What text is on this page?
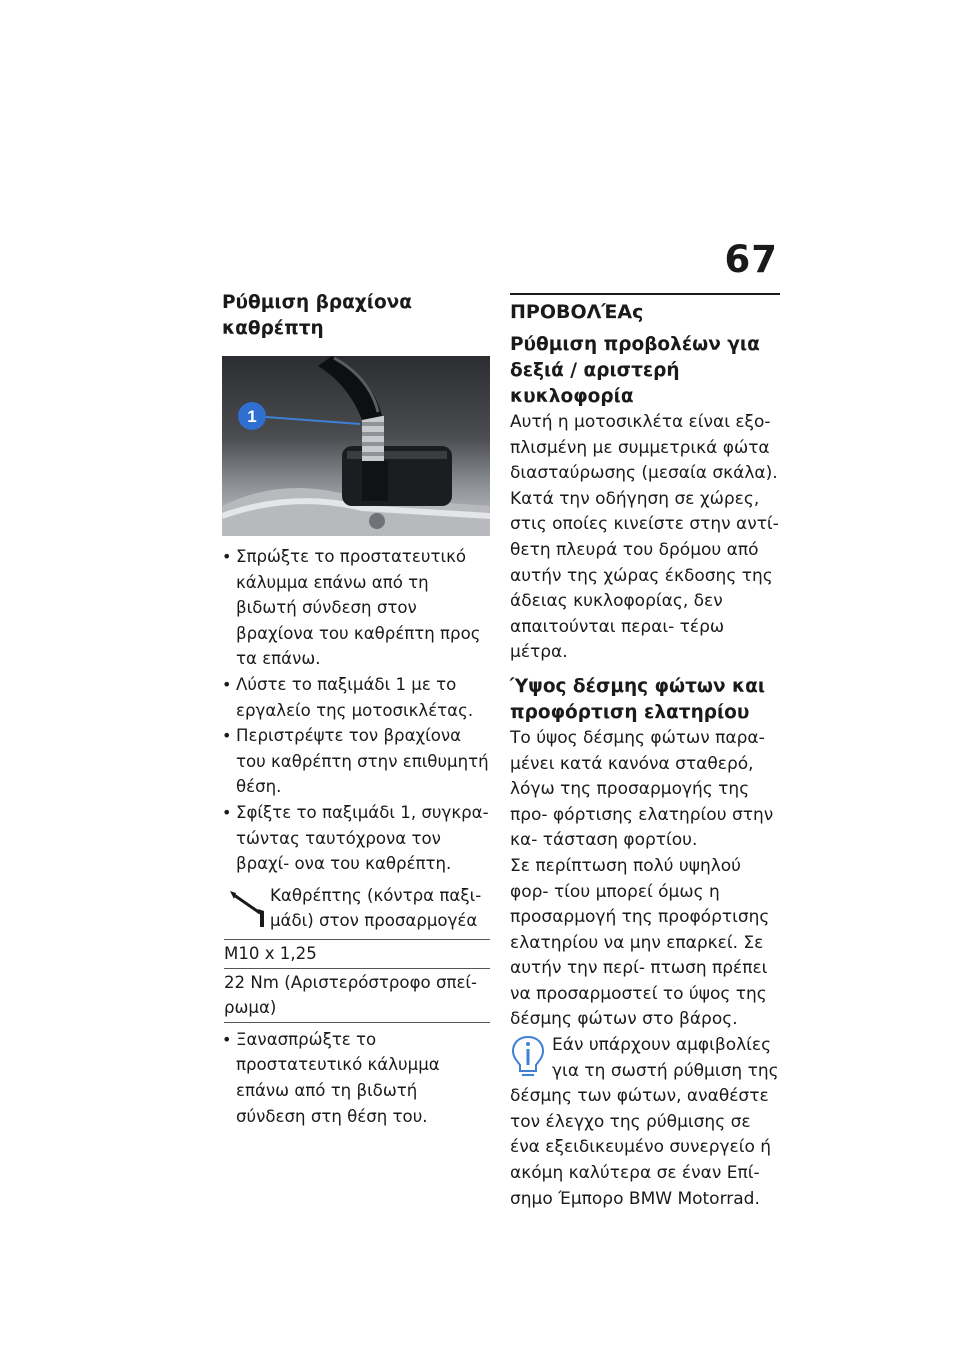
67
Ρύθμιση βραχίονα καθρέπτη
1
• Σπρώξτε το προστατευτικό κάλυμμα επάνω από τη βιδωτή σύνδεση στον βραχίονα του καθρέπτη προς τα επάνω.
• Λύστε το παξιμάδι 1 με το εργαλείο της μοτοσικλέτας.
• Περιστρέψτε τον βραχίονα του καθρέπτη στην επιθυμητή θέση.
• Σφίξτε το παξιμάδι 1, συγκρα- τώντας ταυτόχρονα τον βραχί- ονα του καθρέπτη.
Καθρέπτης (κόντρα παξι- μάδι) στον προσαρμογέα
M10 x 1,25
22 Nm (Αριστερόστροφο σπεί- ρωμα)
• Ξανασπρώξτε το προστατευτικό κάλυμμα επάνω από τη βιδωτή σύνδεση στη θέση του.
ΠΡΟΒΟΛΈΑς
Ρύθμιση προβολέων για δεξιά / αριστερή κυκλοφορία
Αυτή η μοτοσικλέτα είναι εξο- πλισμένη με συμμετρικά φώτα διασταύρωσης (μεσαία σκάλα). Κατά την οδήγηση σε χώρες, στις οποίες κινείστε στην αντί- θετη πλευρά του δρόμου από αυτήν της χώρας έκδοσης της άδειας κυκλοφορίας, δεν απαιτούνται περαι- τέρω μέτρα.
Ύψος δέσμης φώτων και προφόρτιση ελατηρίου
Το ύψος δέσμης φώτων παρα- μένει κατά κανόνα σταθερό, λόγω της προσαρμογής της προ- φόρτισης ελατηρίου στην κα- τάσταση φορτίου.
Σε περίπτωση πολύ υψηλού φορ- τίου μπορεί όμως η προσαρμογή της προφόρτισης ελατηρίου να μην επαρκεί. Σε αυτήν την περί- πτωση πρέπει να προσαρμοστεί το ύψος της δέσμης φώτων στο βάρος.
Εάν υπάρχουν αμφιβολίες για τη σωστή ρύθμιση της
δέσμης των φώτων, αναθέστε τον έλεγχο της ρύθμισης σε ένα εξειδικευμένο συνεργείο ή ακόμη καλύτερα σε έναν Επί- σημο Έμπορο BMW Motorrad.
